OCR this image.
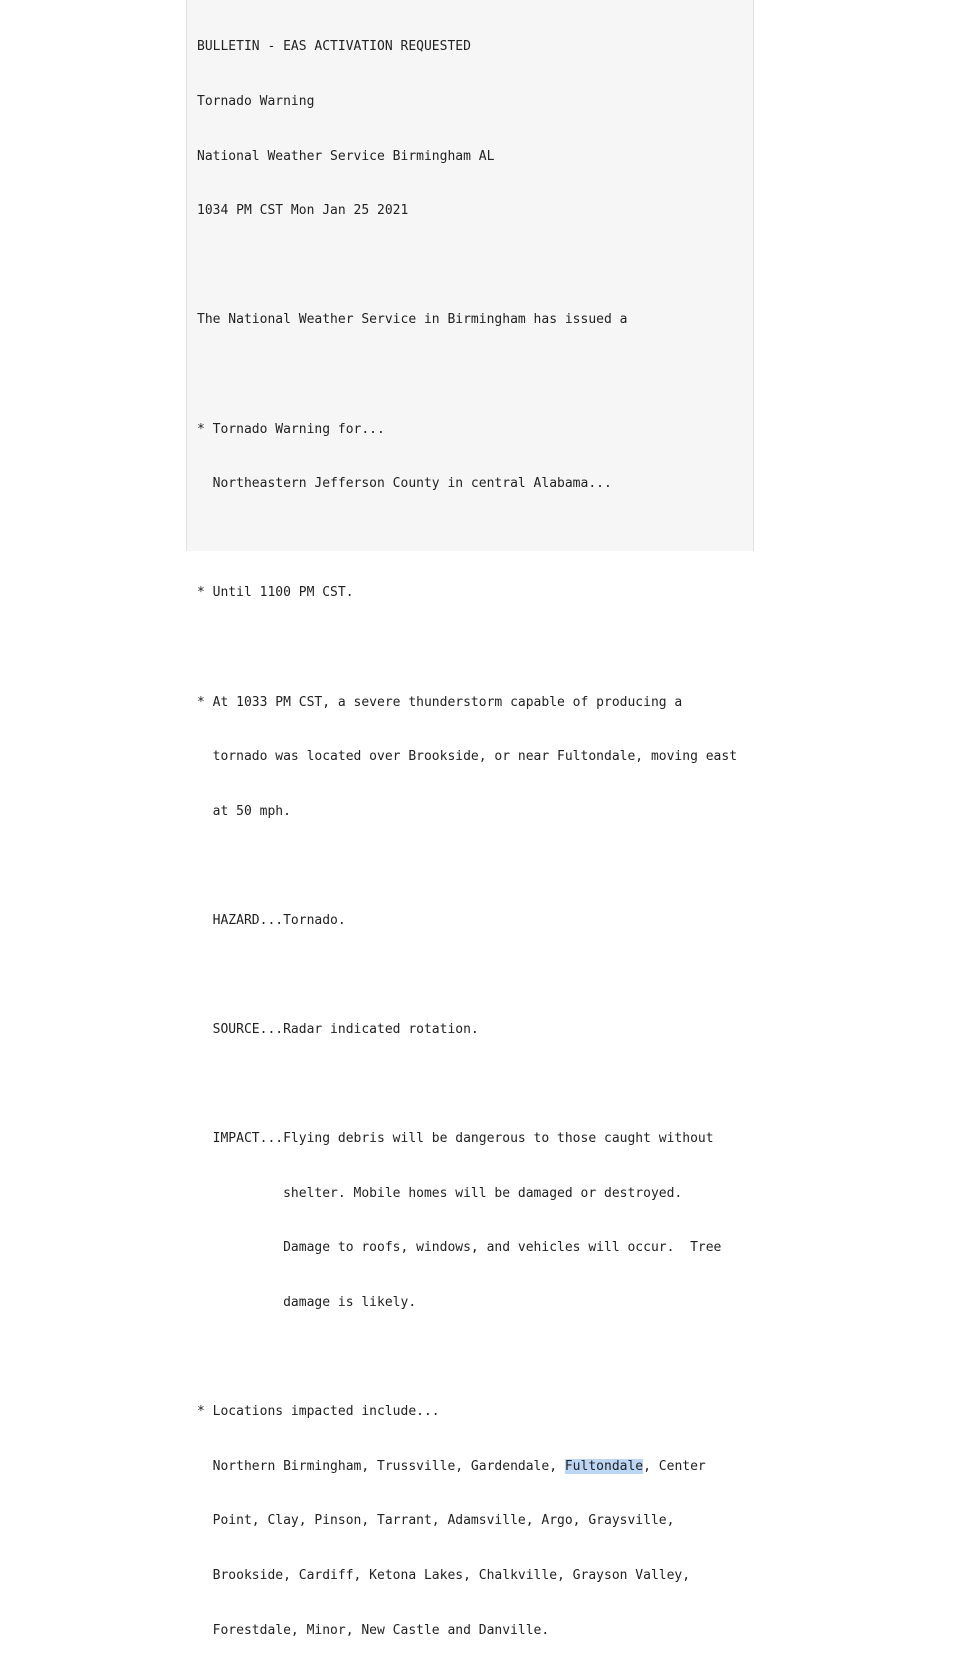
BULLETIN - EAS ACTIVATION REQUESTED

Tornado Warning

National Weather Service Birmingham AL

1034 PM CST Mon Jan 25 2021

The National Weather Service in Birmingham has issued a

* Tornado Warning for...

Northeastern Jefferson County in central Alabama...

* Until 1100 PM CST.

* At 1033 PM CST, a severe thunderstorm capable of producing a

tornado was located over Brookside, or near Fultondale, moving east

at 50 mph.

HAZARD...Tornado.

SOURCE...Radar indicated rotation.

IMPACT...Flying debris will be dangerous to those caught without

shelter. Mobile homes will be damaged or destroyed.

Damage to roofs, windows, and vehicles will occur.  Tree

damage is likely.

* Locations impacted include...

Northern Birmingham, Trussville, Gardendale, Fultondale, Center

Point, Clay, Pinson, Tarrant, Adamsville, Argo, Graysville,

Brookside, Cardiff, Ketona Lakes, Chalkville, Grayson Valley,

Forestdale, Minor, New Castle and Danville.
